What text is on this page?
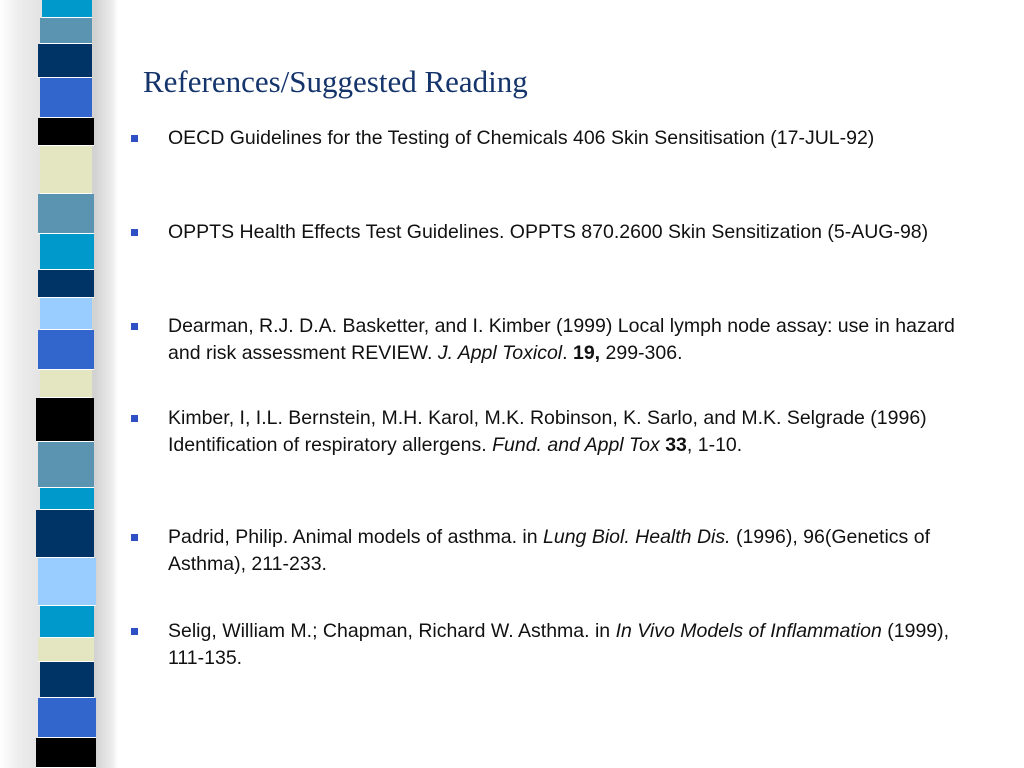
References/Suggested Reading
OECD Guidelines for the Testing of Chemicals 406 Skin Sensitisation (17-JUL-92)
OPPTS Health Effects Test Guidelines. OPPTS 870.2600 Skin Sensitization (5-AUG-98)
Dearman, R.J. D.A. Basketter, and I. Kimber (1999) Local lymph node assay: use in hazard and risk assessment REVIEW. J. Appl Toxicol. 19, 299-306.
Kimber, I, I.L. Bernstein, M.H. Karol, M.K. Robinson, K. Sarlo, and M.K. Selgrade (1996) Identification of respiratory allergens. Fund. and Appl Tox 33, 1-10.
Padrid, Philip. Animal models of asthma. in Lung Biol. Health Dis. (1996), 96(Genetics of Asthma), 211-233.
Selig, William M.; Chapman, Richard W. Asthma. in In Vivo Models of Inflammation (1999), 111-135.
